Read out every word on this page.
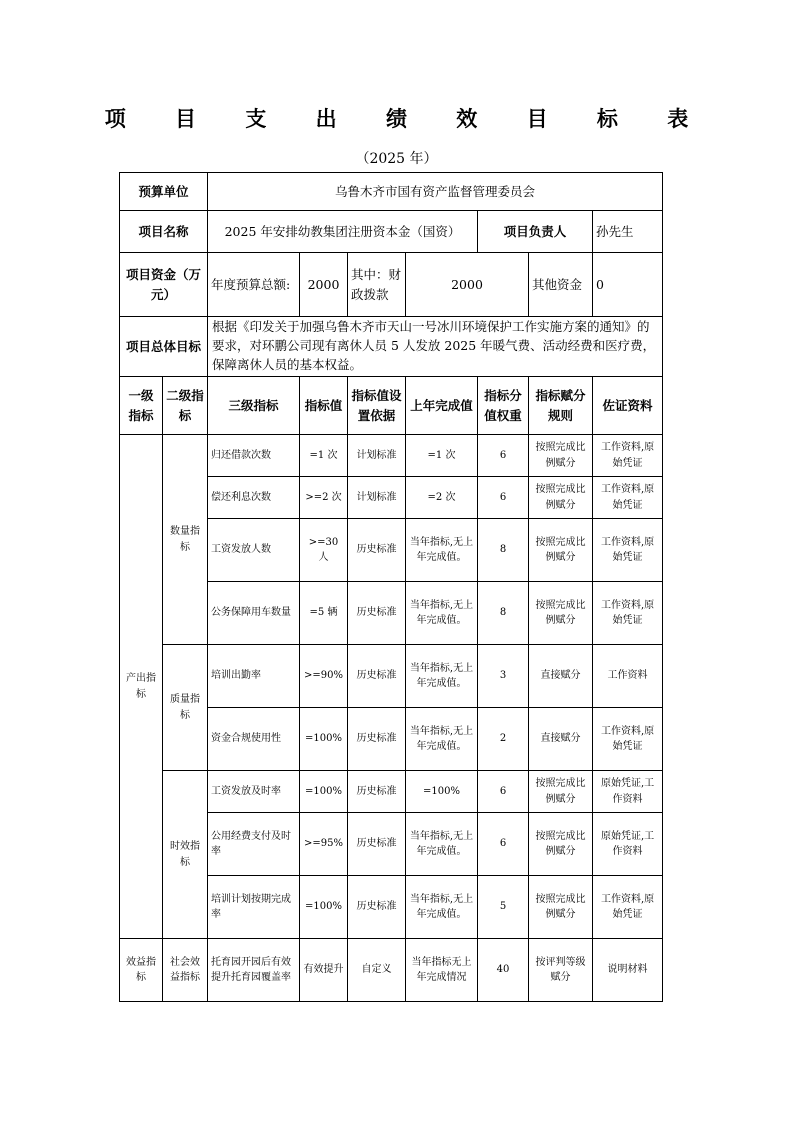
项 目 支 出 绩 效 目 标 表
（2025 年）
预算单位		乌鲁木齐市国有资产监督管理委员会						
项目名称		2025 年安排幼教集团注册资本金（国资）				项目负责人		孙先生
项目资金（万元）		年度预算总额:	2000	其中：财政拨款	2000		其他资金	0
项目总体目标		根据《印发关于加强乌鲁木齐市天山一号冰川环境保护工作实施方案的通知》的要求，对环鹏公司现有离休人员 5 人发放 2025 年暖气费、活动经费和医疗费，保障离休人员的基本权益。						
一级指标	二级指标	三级指标	指标值	指标值设置依据	上年完成值	指标分值权重	指标赋分规则	佐证资料
产出指标	数量指标	归还借款次数	=1 次	计划标准	=1 次	6	按照完成比例赋分	工作资料,原始凭证
		偿还利息次数	>=2 次	计划标准	=2 次	6	按照完成比例赋分	工作资料,原始凭证
		工资发放人数	>=30 人	历史标准	当年指标,无上年完成值。	8	按照完成比例赋分	工作资料,原始凭证
		公务保障用车数量	=5 辆	历史标准	当年指标,无上年完成值。	8	按照完成比例赋分	工作资料,原始凭证
	质量指标	培训出勤率	>=90%	历史标准	当年指标,无上年完成值。	3	直接赋分	工作资料
		资金合规使用性	=100%	历史标准	当年指标,无上年完成值。	2	直接赋分	工作资料,原始凭证
	时效指标	工资发放及时率	=100%	历史标准	=100%	6	按照完成比例赋分	原始凭证,工作资料
		公用经费支付及时率	>=95%	历史标准	当年指标,无上年完成值。	6	按照完成比例赋分	原始凭证,工作资料
		培训计划按期完成率	=100%	历史标准	当年指标,无上年完成值。	5	按照完成比例赋分	工作资料,原始凭证
效益指标	社会效益指标	托育园开园后有效提升托育园覆盖率	有效提升	自定义	当年指标无上年完成情况	40	按评判等级赋分	说明材料
